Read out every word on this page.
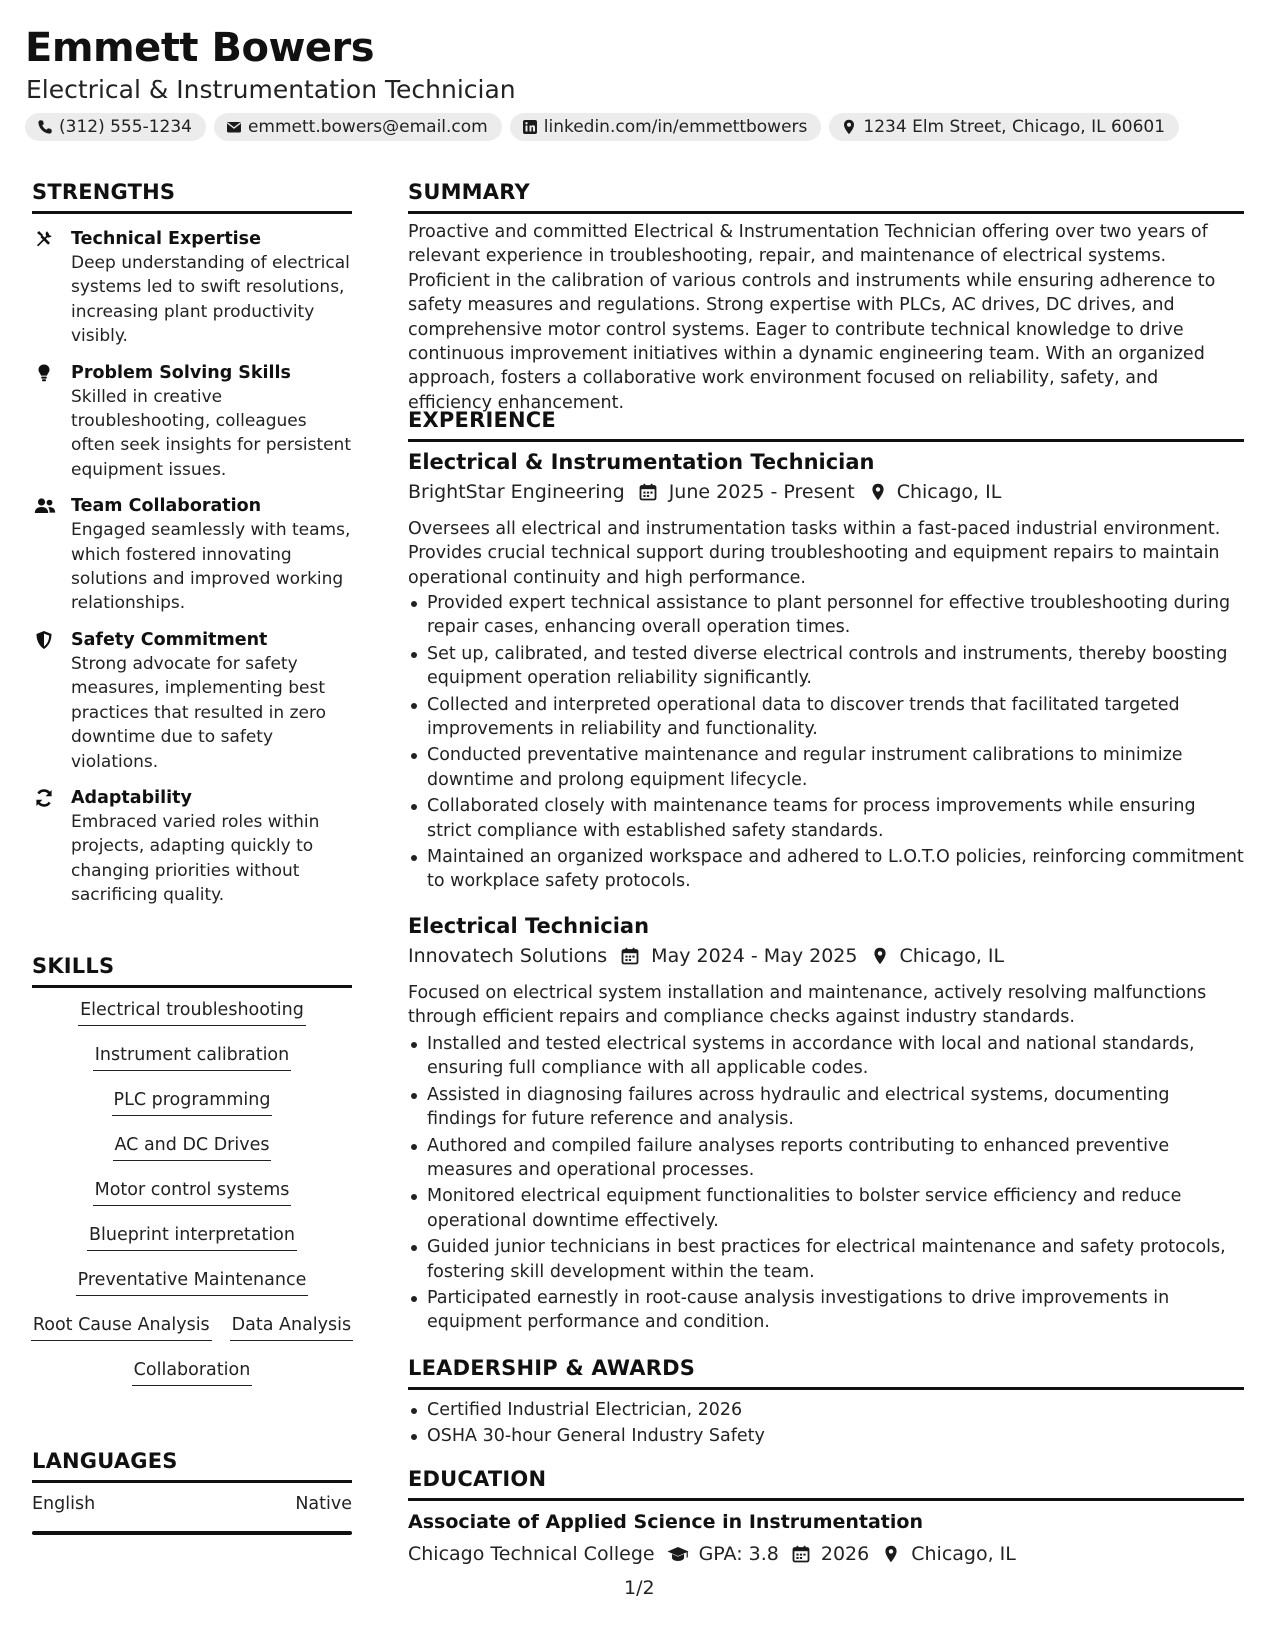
Emmett Bowers
Electrical & Instrumentation Technician
(312) 555-1234	emmett.bowers@email.com	linkedin.com/in/emmettbowers	1234 Elm Street, Chicago, IL 60601
STRENGTHS
Technical Expertise
Deep understanding of electrical systems led to swift resolutions, increasing plant productivity visibly.
Problem Solving Skills
Skilled in creative troubleshooting, colleagues often seek insights for persistent equipment issues.
Team Collaboration
Engaged seamlessly with teams, which fostered innovating solutions and improved working relationships.
Safety Commitment
Strong advocate for safety measures, implementing best practices that resulted in zero downtime due to safety violations.
Adaptability
Embraced varied roles within projects, adapting quickly to changing priorities without sacrificing quality.
SKILLS
Electrical troubleshooting
Instrument calibration
PLC programming
AC and DC Drives
Motor control systems
Blueprint interpretation
Preventative Maintenance
Root Cause Analysis Data Analysis
Collaboration
LANGUAGES
English	Native
SUMMARY
Proactive and committed Electrical & Instrumentation Technician offering over two years of relevant experience in troubleshooting, repair, and maintenance of electrical systems. Proficient in the calibration of various controls and instruments while ensuring adherence to safety measures and regulations. Strong expertise with PLCs, AC drives, DC drives, and comprehensive motor control systems. Eager to contribute technical knowledge to drive continuous improvement initiatives within a dynamic engineering team. With an organized approach, fosters a collaborative work environment focused on reliability, safety, and efficiency enhancement.
EXPERIENCE
Electrical & Instrumentation Technician
BrightStar Engineering June 2025 - Present Chicago, IL
Oversees all electrical and instrumentation tasks within a fast-paced industrial environment. Provides crucial technical support during troubleshooting and equipment repairs to maintain operational continuity and high performance.
Provided expert technical assistance to plant personnel for effective troubleshooting during repair cases, enhancing overall operation times.
Set up, calibrated, and tested diverse electrical controls and instruments, thereby boosting equipment operation reliability significantly.
Collected and interpreted operational data to discover trends that facilitated targeted improvements in reliability and functionality.
Conducted preventative maintenance and regular instrument calibrations to minimize downtime and prolong equipment lifecycle.
Collaborated closely with maintenance teams for process improvements while ensuring strict compliance with established safety standards.
Maintained an organized workspace and adhered to L.O.T.O policies, reinforcing commitment to workplace safety protocols.
Electrical Technician
Innovatech Solutions May 2024 - May 2025 Chicago, IL
Focused on electrical system installation and maintenance, actively resolving malfunctions through efficient repairs and compliance checks against industry standards.
Installed and tested electrical systems in accordance with local and national standards, ensuring full compliance with all applicable codes.
Assisted in diagnosing failures across hydraulic and electrical systems, documenting findings for future reference and analysis.
Authored and compiled failure analyses reports contributing to enhanced preventive measures and operational processes.
Monitored electrical equipment functionalities to bolster service efficiency and reduce operational downtime effectively.
Guided junior technicians in best practices for electrical maintenance and safety protocols, fostering skill development within the team.
Participated earnestly in root-cause analysis investigations to drive improvements in equipment performance and condition.
LEADERSHIP & AWARDS
Certified Industrial Electrician, 2026
OSHA 30-hour General Industry Safety
EDUCATION
Associate of Applied Science in Instrumentation
Chicago Technical College GPA: 3.8 2026 Chicago, IL
1/2
